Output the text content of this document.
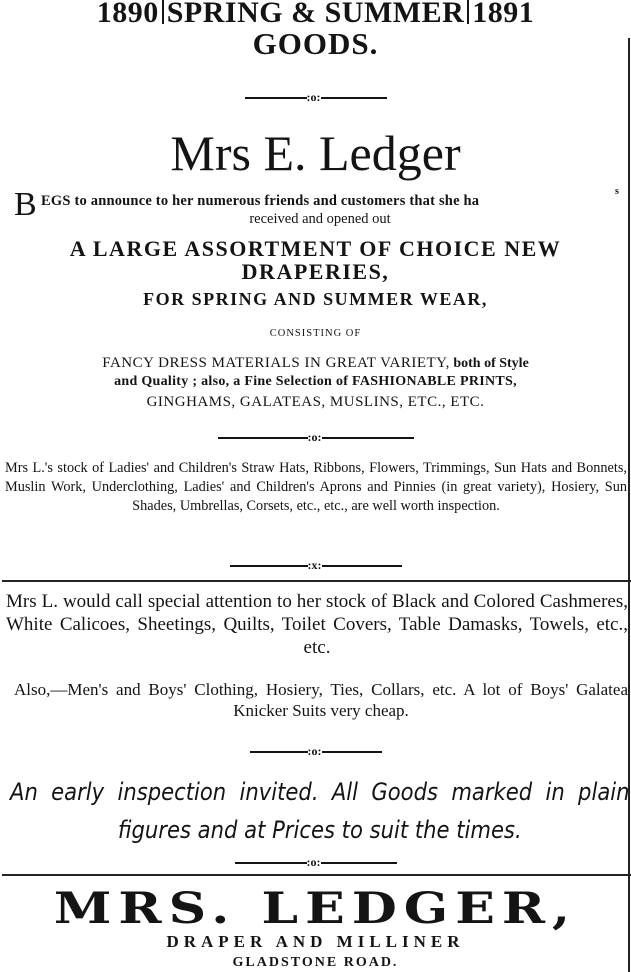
1890 SPRING & SUMMER 1891
GOODS.
:o:
Mrs E. Ledger
B EGS to announce to her numerous friends and customers that she ha
s
received and opened out
A LARGE ASSORTMENT OF CHOICE NEW
DRAPERIES,
FOR SPRING AND SUMMER WEAR,
CONSISTING OF
FANCY DRESS MATERIALS IN GREAT VARIETY, both of Style
and Quality ; also, a Fine Selection of FASHIONABLE PRINTS,
GINGHAMS, GALATEAS, MUSLINS, ETC., ETC.
:o:
Mrs L.'s stock of Ladies' and Children's Straw Hats, Ribbons, Flowers, Trimmings, Sun Hats and Bonnets, Muslin Work, Underclothing, Ladies' and Children's Aprons and Pinnies (in great variety), Hosiery, Sun Shades, Umbrellas, Corsets, etc., etc., are well worth inspection.
:x:
Mrs L. would call special attention to her stock of Black and Colored Cashmeres, White Calicoes, Sheetings, Quilts, Toilet Covers, Table Damasks, Towels, etc., etc.
Also,—Men's and Boys' Clothing, Hosiery, Ties, Collars, etc. A lot of Boys' Galatea Knicker Suits very cheap.
:o:
An early inspection invited. All Goods marked in plain figures and at Prices to suit the times.
:o:
MRS. LEDGER,
DRAPER AND MILLINER
GLADSTONE ROAD.
